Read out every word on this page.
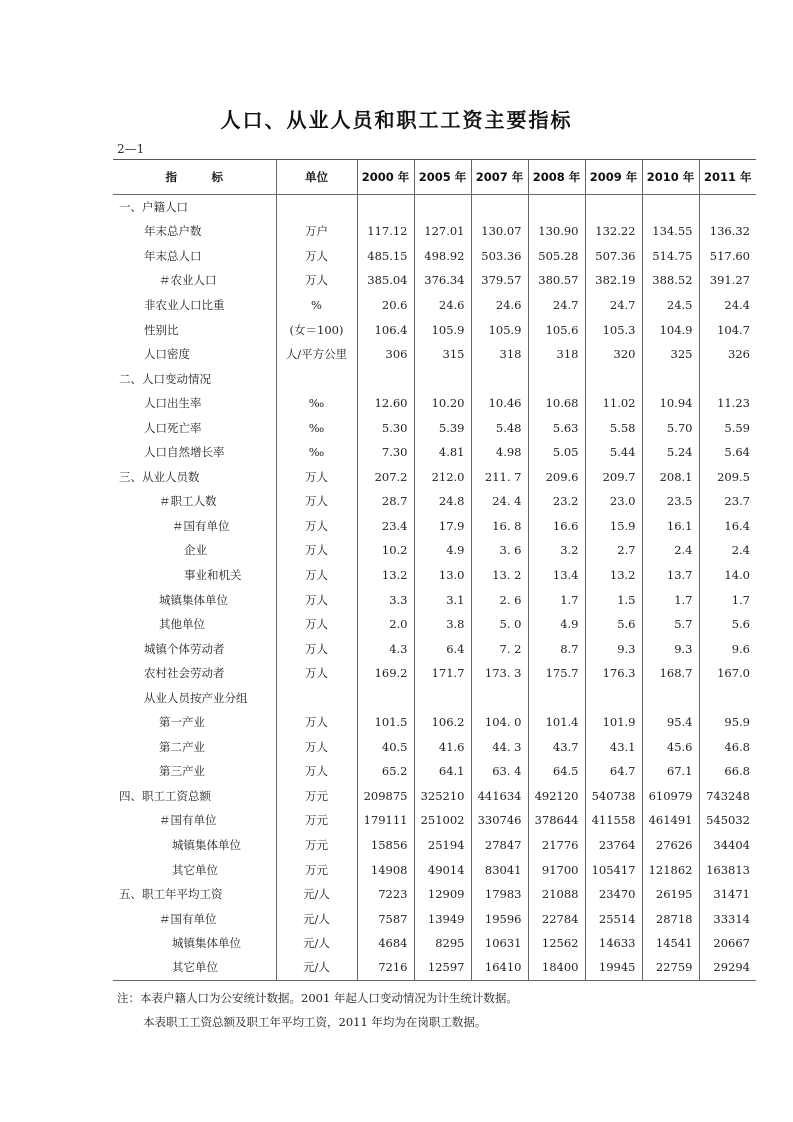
人口、从业人员和职工工资主要指标
2—1
指　　　标	单位	2000 年	2005 年	2007 年	2008 年	2009 年	2010 年	2011 年
一、户籍人口								
年末总户数	万户	117.12	127.01	130.07	130.90	132.22	134.55	136.32
年末总人口	万人	485.15	498.92	503.36	505.28	507.36	514.75	517.60
＃农业人口	万人	385.04	376.34	379.57	380.57	382.19	388.52	391.27
非农业人口比重	%	20.6	24.6	24.6	24.7	24.7	24.5	24.4
性别比	(女＝100)	106.4	105.9	105.9	105.6	105.3	104.9	104.7
人口密度	人/平方公里	306	315	318	318	320	325	326
二、人口变动情况								
人口出生率	‰	12.60	10.20	10.46	10.68	11.02	10.94	11.23
人口死亡率	‰	5.30	5.39	5.48	5.63	5.58	5.70	5.59
人口自然增长率	‰	7.30	4.81	4.98	5.05	5.44	5.24	5.64
三、从业人员数	万人	207.2	212.0	211. 7	209.6	209.7	208.1	209.5
＃职工人数	万人	28.7	24.8	24. 4	23.2	23.0	23.5	23.7
＃国有单位	万人	23.4	17.9	16. 8	16.6	15.9	16.1	16.4
企业	万人	10.2	4.9	3. 6	3.2	2.7	2.4	2.4
事业和机关	万人	13.2	13.0	13. 2	13.4	13.2	13.7	14.0
城镇集体单位	万人	3.3	3.1	2. 6	1.7	1.5	1.7	1.7
其他单位	万人	2.0	3.8	5. 0	4.9	5.6	5.7	5.6
城镇个体劳动者	万人	4.3	6.4	7. 2	8.7	9.3	9.3	9.6
农村社会劳动者	万人	169.2	171.7	173. 3	175.7	176.3	168.7	167.0
从业人员按产业分组								
第一产业	万人	101.5	106.2	104. 0	101.4	101.9	95.4	95.9
第二产业	万人	40.5	41.6	44. 3	43.7	43.1	45.6	46.8
第三产业	万人	65.2	64.1	63. 4	64.5	64.7	67.1	66.8
四、职工工资总额	万元	209875	325210	441634	492120	540738	610979	743248
＃国有单位	万元	179111	251002	330746	378644	411558	461491	545032
城镇集体单位	万元	15856	25194	27847	21776	23764	27626	34404
其它单位	万元	14908	49014	83041	91700	105417	121862	163813
五、职工年平均工资	元/人	7223	12909	17983	21088	23470	26195	31471
＃国有单位	元/人	7587	13949	19596	22784	25514	28718	33314
城镇集体单位	元/人	4684	8295	10631	12562	14633	14541	20667
其它单位	元/人	7216	12597	16410	18400	19945	22759	29294
注：本表户籍人口为公安统计数据。2001 年起人口变动情况为计生统计数据。
本表职工工资总额及职工年平均工资，2011 年均为在岗职工数据。
